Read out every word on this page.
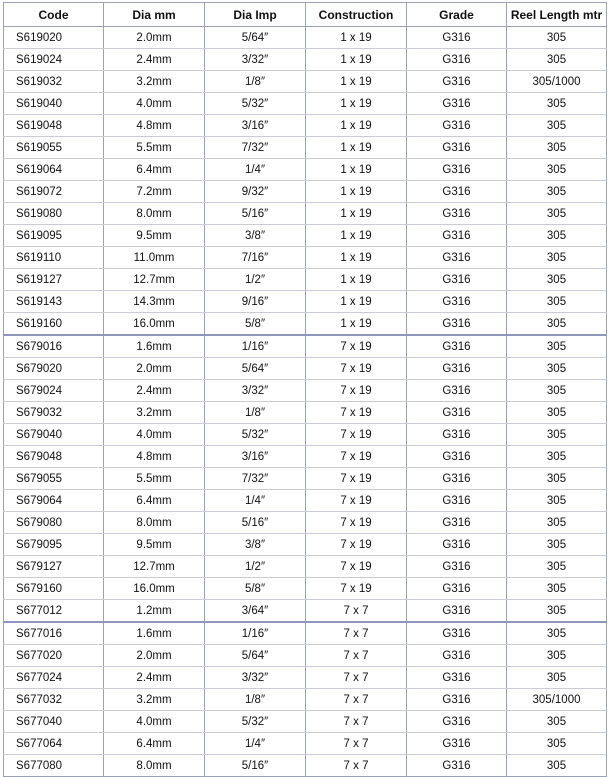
Code	Dia mm	Dia Imp	Construction	Grade	Reel Length mtr
S619020	2.0mm	5/64″	1 x 19	G316	305
S619024	2.4mm	3/32″	1 x 19	G316	305
S619032	3.2mm	1/8″	1 x 19	G316	305/1000
S619040	4.0mm	5/32″	1 x 19	G316	305
S619048	4.8mm	3/16″	1 x 19	G316	305
S619055	5.5mm	7/32″	1 x 19	G316	305
S619064	6.4mm	1/4″	1 x 19	G316	305
S619072	7.2mm	9/32″	1 x 19	G316	305
S619080	8.0mm	5/16″	1 x 19	G316	305
S619095	9.5mm	3/8″	1 x 19	G316	305
S619110	11.0mm	7/16″	1 x 19	G316	305
S619127	12.7mm	1/2″	1 x 19	G316	305
S619143	14.3mm	9/16″	1 x 19	G316	305
S619160	16.0mm	5/8″	1 x 19	G316	305
S679016	1.6mm	1/16″	7 x 19	G316	305
S679020	2.0mm	5/64″	7 x 19	G316	305
S679024	2.4mm	3/32″	7 x 19	G316	305
S679032	3.2mm	1/8″	7 x 19	G316	305
S679040	4.0mm	5/32″	7 x 19	G316	305
S679048	4.8mm	3/16″	7 x 19	G316	305
S679055	5.5mm	7/32″	7 x 19	G316	305
S679064	6.4mm	1/4″	7 x 19	G316	305
S679080	8.0mm	5/16″	7 x 19	G316	305
S679095	9.5mm	3/8″	7 x 19	G316	305
S679127	12.7mm	1/2″	7 x 19	G316	305
S679160	16.0mm	5/8″	7 x 19	G316	305
S677012	1.2mm	3/64″	7 x 7	G316	305
S677016	1.6mm	1/16″	7 x 7	G316	305
S677020	2.0mm	5/64″	7 x 7	G316	305
S677024	2.4mm	3/32″	7 x 7	G316	305
S677032	3.2mm	1/8″	7 x 7	G316	305/1000
S677040	4.0mm	5/32″	7 x 7	G316	305
S677064	6.4mm	1/4″	7 x 7	G316	305
S677080	8.0mm	5/16″	7 x 7	G316	305
